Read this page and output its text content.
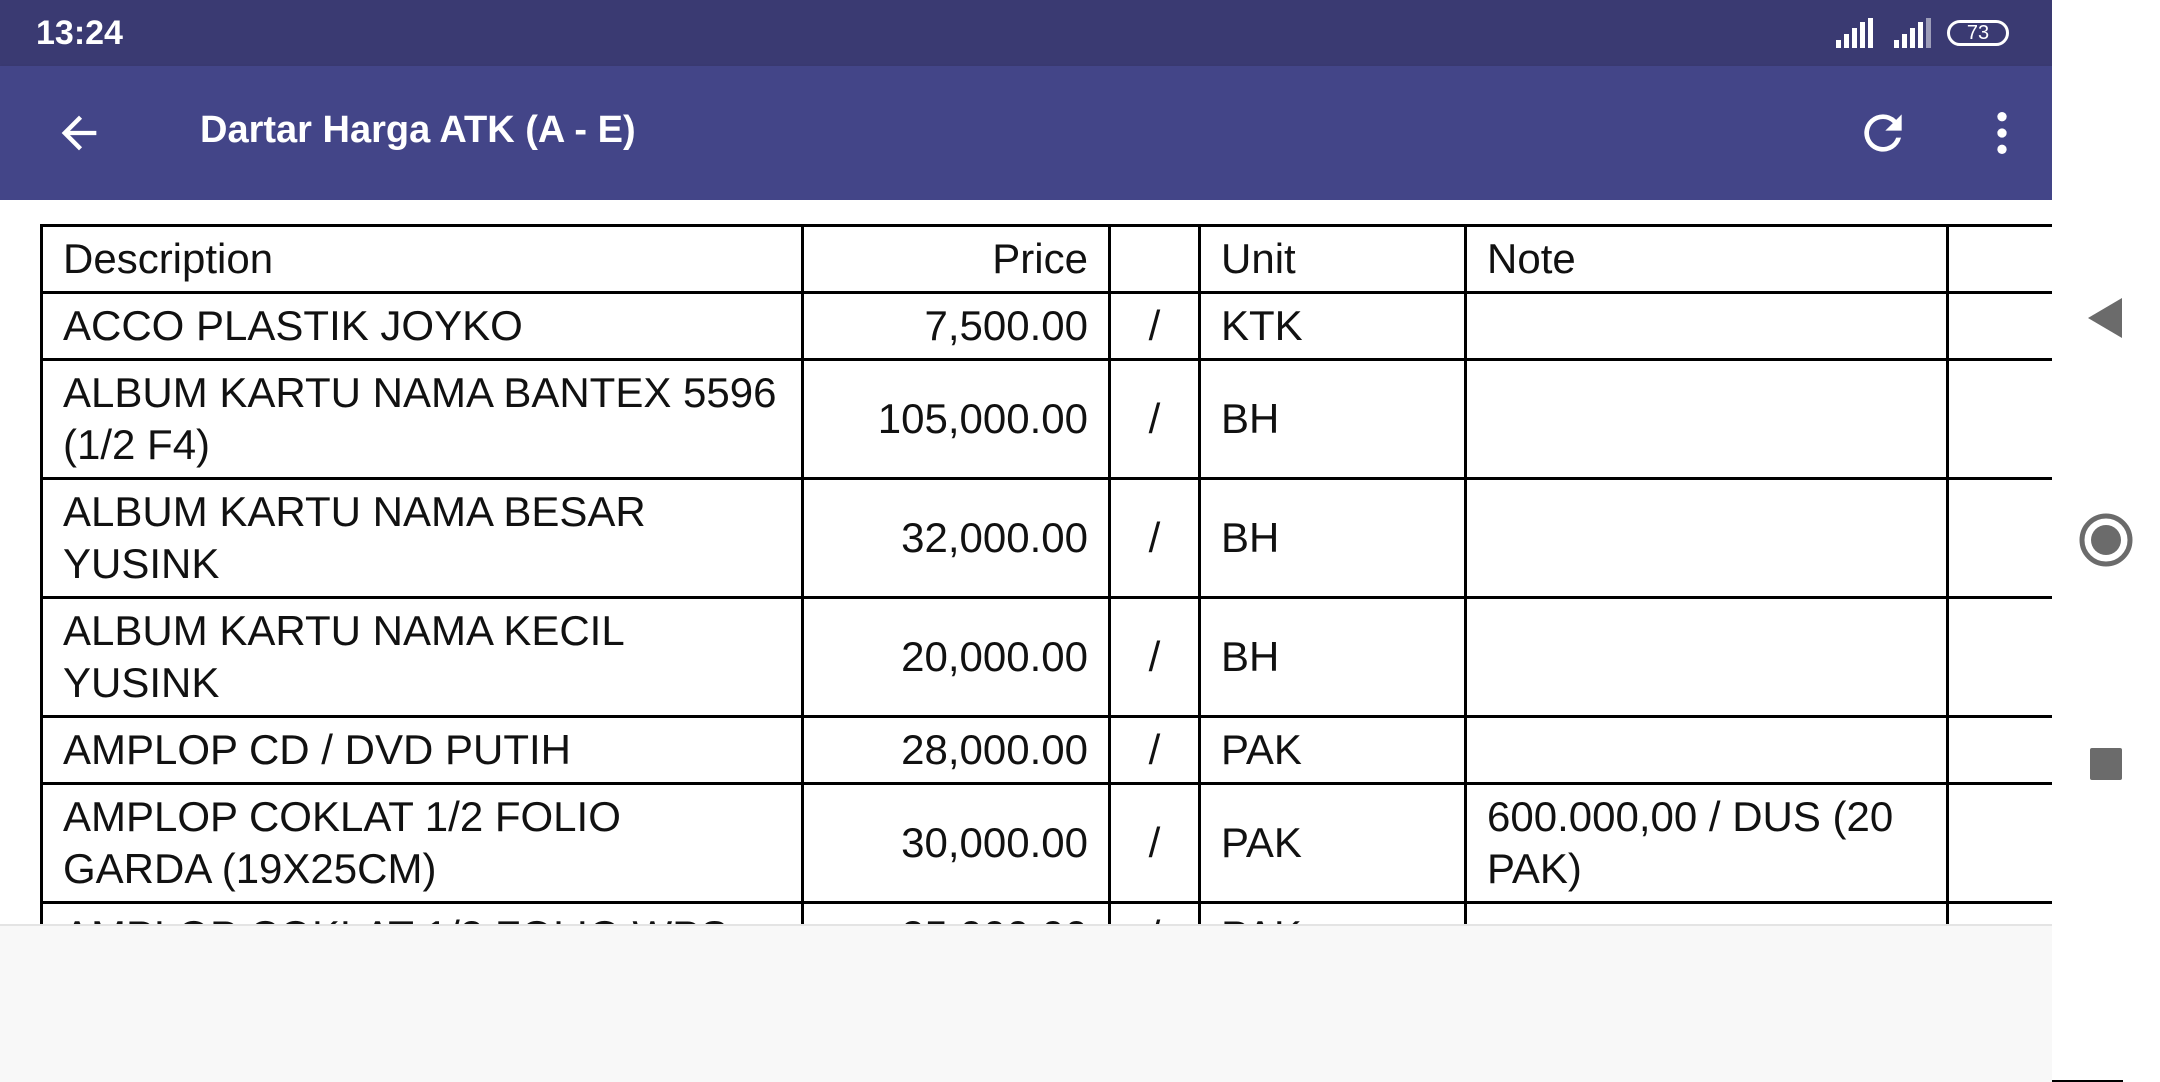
13:24	73
Dartar Harga ATK (A - E)
Description	Price		Unit	Note	
ACCO PLASTIK JOYKO	7,500.00	/	KTK		
ALBUM KARTU NAMA BANTEX 5596 (1/2 F4)	105,000.00	/	BH		
ALBUM KARTU NAMA BESAR YUSINK	32,000.00	/	BH		
ALBUM KARTU NAMA KECIL YUSINK	20,000.00	/	BH		
AMPLOP CD / DVD PUTIH	28,000.00	/	PAK		
AMPLOP COKLAT 1/2 FOLIO GARDA (19X25CM)	30,000.00	/	PAK	600.000,00 / DUS (20 PAK)	
